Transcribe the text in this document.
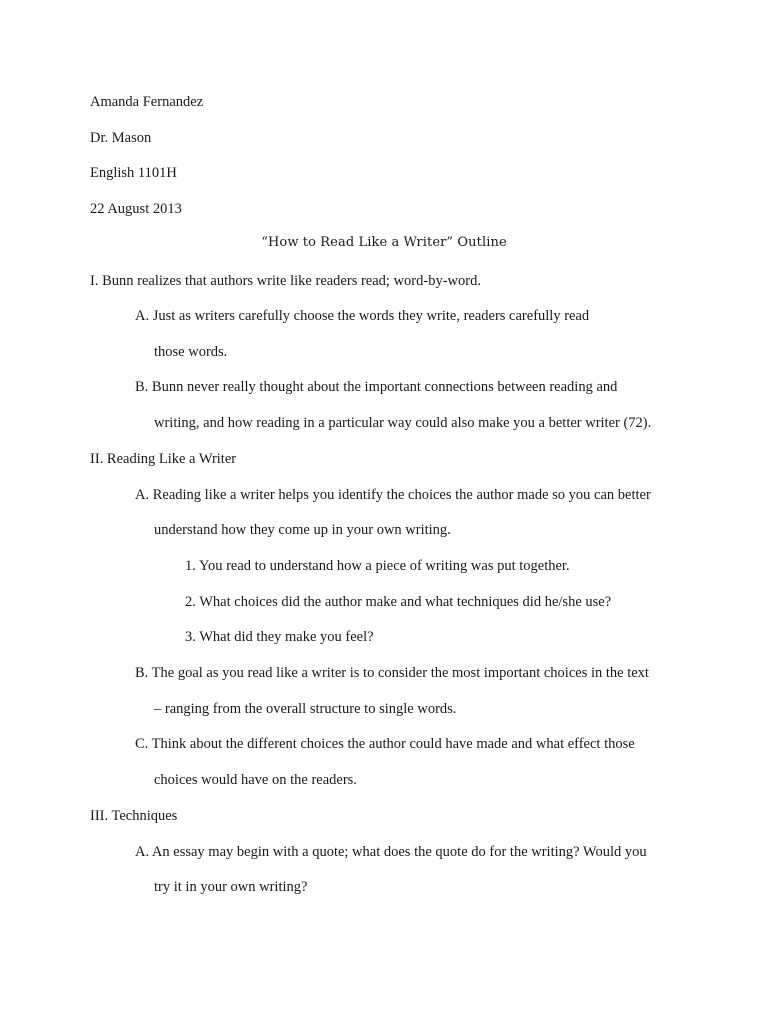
Amanda Fernandez
Dr. Mason
English 1101H
22 August 2013
“How to Read Like a Writer” Outline
I. Bunn realizes that authors write like readers read; word-by-word.
A. Just as writers carefully choose the words they write, readers carefully read
those words.
B. Bunn never really thought about the important connections between reading and
writing, and how reading in a particular way could also make you a better writer (72).
II. Reading Like a Writer
A. Reading like a writer helps you identify the choices the author made so you can better
understand how they come up in your own writing.
1. You read to understand how a piece of writing was put together.
2. What choices did the author make and what techniques did he/she use?
3. What did they make you feel?
B. The goal as you read like a writer is to consider the most important choices in the text
– ranging from the overall structure to single words.
C. Think about the different choices the author could have made and what effect those
choices would have on the readers.
III. Techniques
A. An essay may begin with a quote; what does the quote do for the writing? Would you
try it in your own writing?
